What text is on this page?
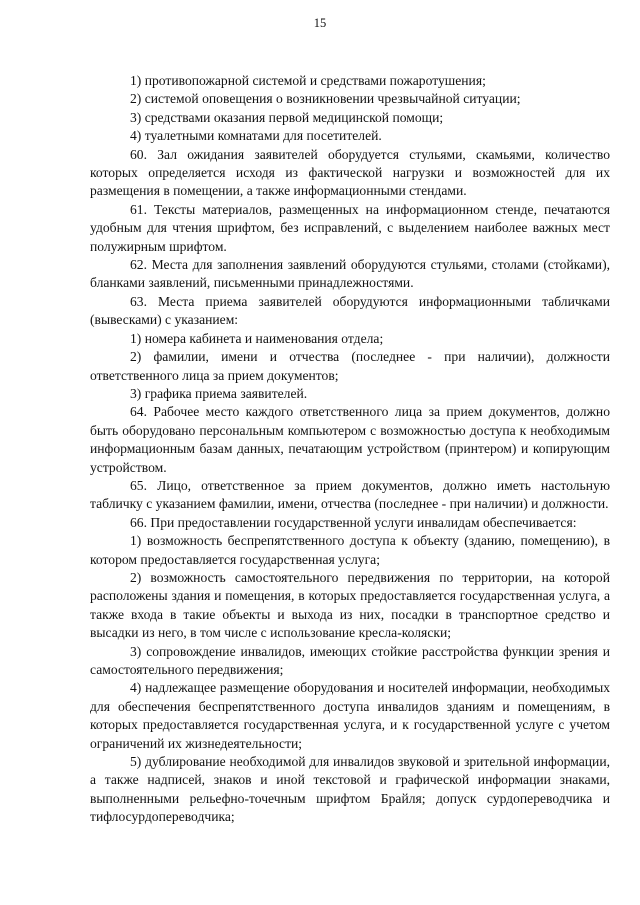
15

1) противопожарной системой и средствами пожаротушения;

2) системой оповещения о возникновении чрезвычайной ситуации;

3) средствами оказания первой медицинской помощи;

4) туалетными комнатами для посетителей.

60. Зал ожидания заявителей оборудуется стульями, скамьями, количество которых определяется исходя из фактической нагрузки и возможностей для их размещения в помещении, а также информационными стендами.

61. Тексты материалов, размещенных на информационном стенде, печатаются удобным для чтения шрифтом, без исправлений, с выделением наиболее важных мест полужирным шрифтом.

62. Места для заполнения заявлений оборудуются стульями, столами (стойками), бланками заявлений, письменными принадлежностями.

63. Места приема заявителей оборудуются информационными табличками (вывесками) с указанием:

1) номера кабинета и наименования отдела;

2) фамилии, имени и отчества (последнее - при наличии), должности ответственного лица за прием документов;

3) графика приема заявителей.

64. Рабочее место каждого ответственного лица за прием документов, должно быть оборудовано персональным компьютером с возможностью доступа к необходимым информационным базам данных, печатающим устройством (принтером) и копирующим устройством.

65. Лицо, ответственное за прием документов, должно иметь настольную табличку с указанием фамилии, имени, отчества (последнее - при наличии) и должности.

66. При предоставлении государственной услуги инвалидам обеспечивается:

1) возможность беспрепятственного доступа к объекту (зданию, помещению), в котором предоставляется государственная услуга;

2) возможность самостоятельного передвижения по территории, на которой расположены здания и помещения, в которых предоставляется государственная услуга, а также входа в такие объекты и выхода из них, посадки в транспортное средство и высадки из него, в том числе с использование кресла-коляски;

3) сопровождение инвалидов, имеющих стойкие расстройства функции зрения и самостоятельного передвижения;

4) надлежащее размещение оборудования и носителей информации, необходимых для обеспечения беспрепятственного доступа инвалидов зданиям и помещениям, в которых предоставляется государственная услуга, и к государственной услуге с учетом ограничений их жизнедеятельности;

5) дублирование необходимой для инвалидов звуковой и зрительной информации, а также надписей, знаков и иной текстовой и графической информации знаками, выполненными рельефно-точечным шрифтом Брайля; допуск сурдопереводчика и тифлосурдопереводчика;
